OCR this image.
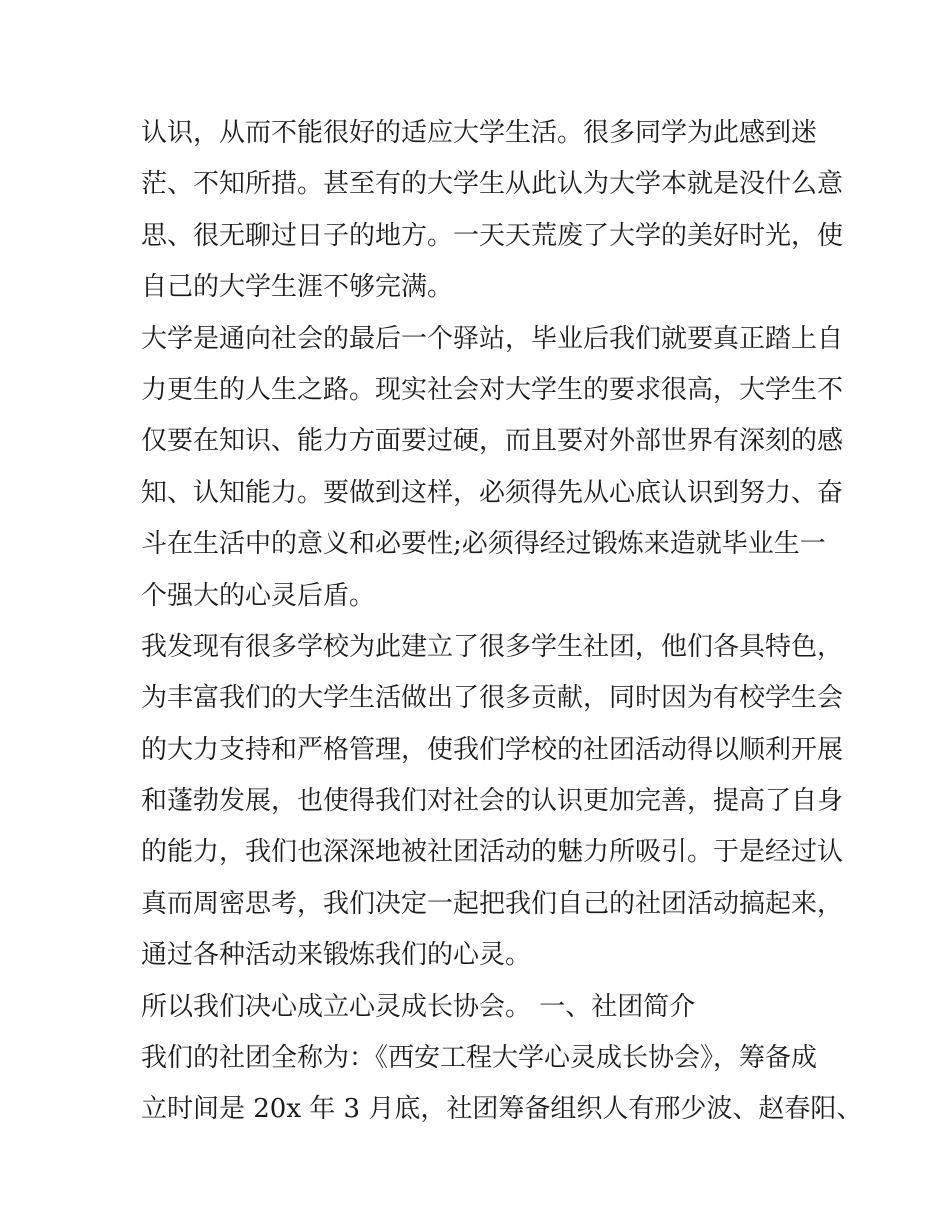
认识，从而不能很好的适应大学生活。很多同学为此感到迷
茫、不知所措。甚至有的大学生从此认为大学本就是没什么意
思、很无聊过日子的地方。一天天荒废了大学的美好时光，使
自己的大学生涯不够完满。
大学是通向社会的最后一个驿站，毕业后我们就要真正踏上自
力更生的人生之路。现实社会对大学生的要求很高，大学生不
仅要在知识、能力方面要过硬，而且要对外部世界有深刻的感
知、认知能力。要做到这样，必须得先从心底认识到努力、奋
斗在生活中的意义和必要性;必须得经过锻炼来造就毕业生一
个强大的心灵后盾。
我发现有很多学校为此建立了很多学生社团，他们各具特色，
为丰富我们的大学生活做出了很多贡献，同时因为有校学生会
的大力支持和严格管理，使我们学校的社团活动得以顺利开展
和蓬勃发展，也使得我们对社会的认识更加完善，提高了自身
的能力，我们也深深地被社团活动的魅力所吸引。于是经过认
真而周密思考，我们决定一起把我们自己的社团活动搞起来，
通过各种活动来锻炼我们的心灵。
所以我们决心成立心灵成长协会。 一、社团简介
我们的社团全称为：《西安工程大学心灵成长协会》，筹备成
立时间是 20x 年 3 月底，社团筹备组织人有邢少波、赵春阳、
